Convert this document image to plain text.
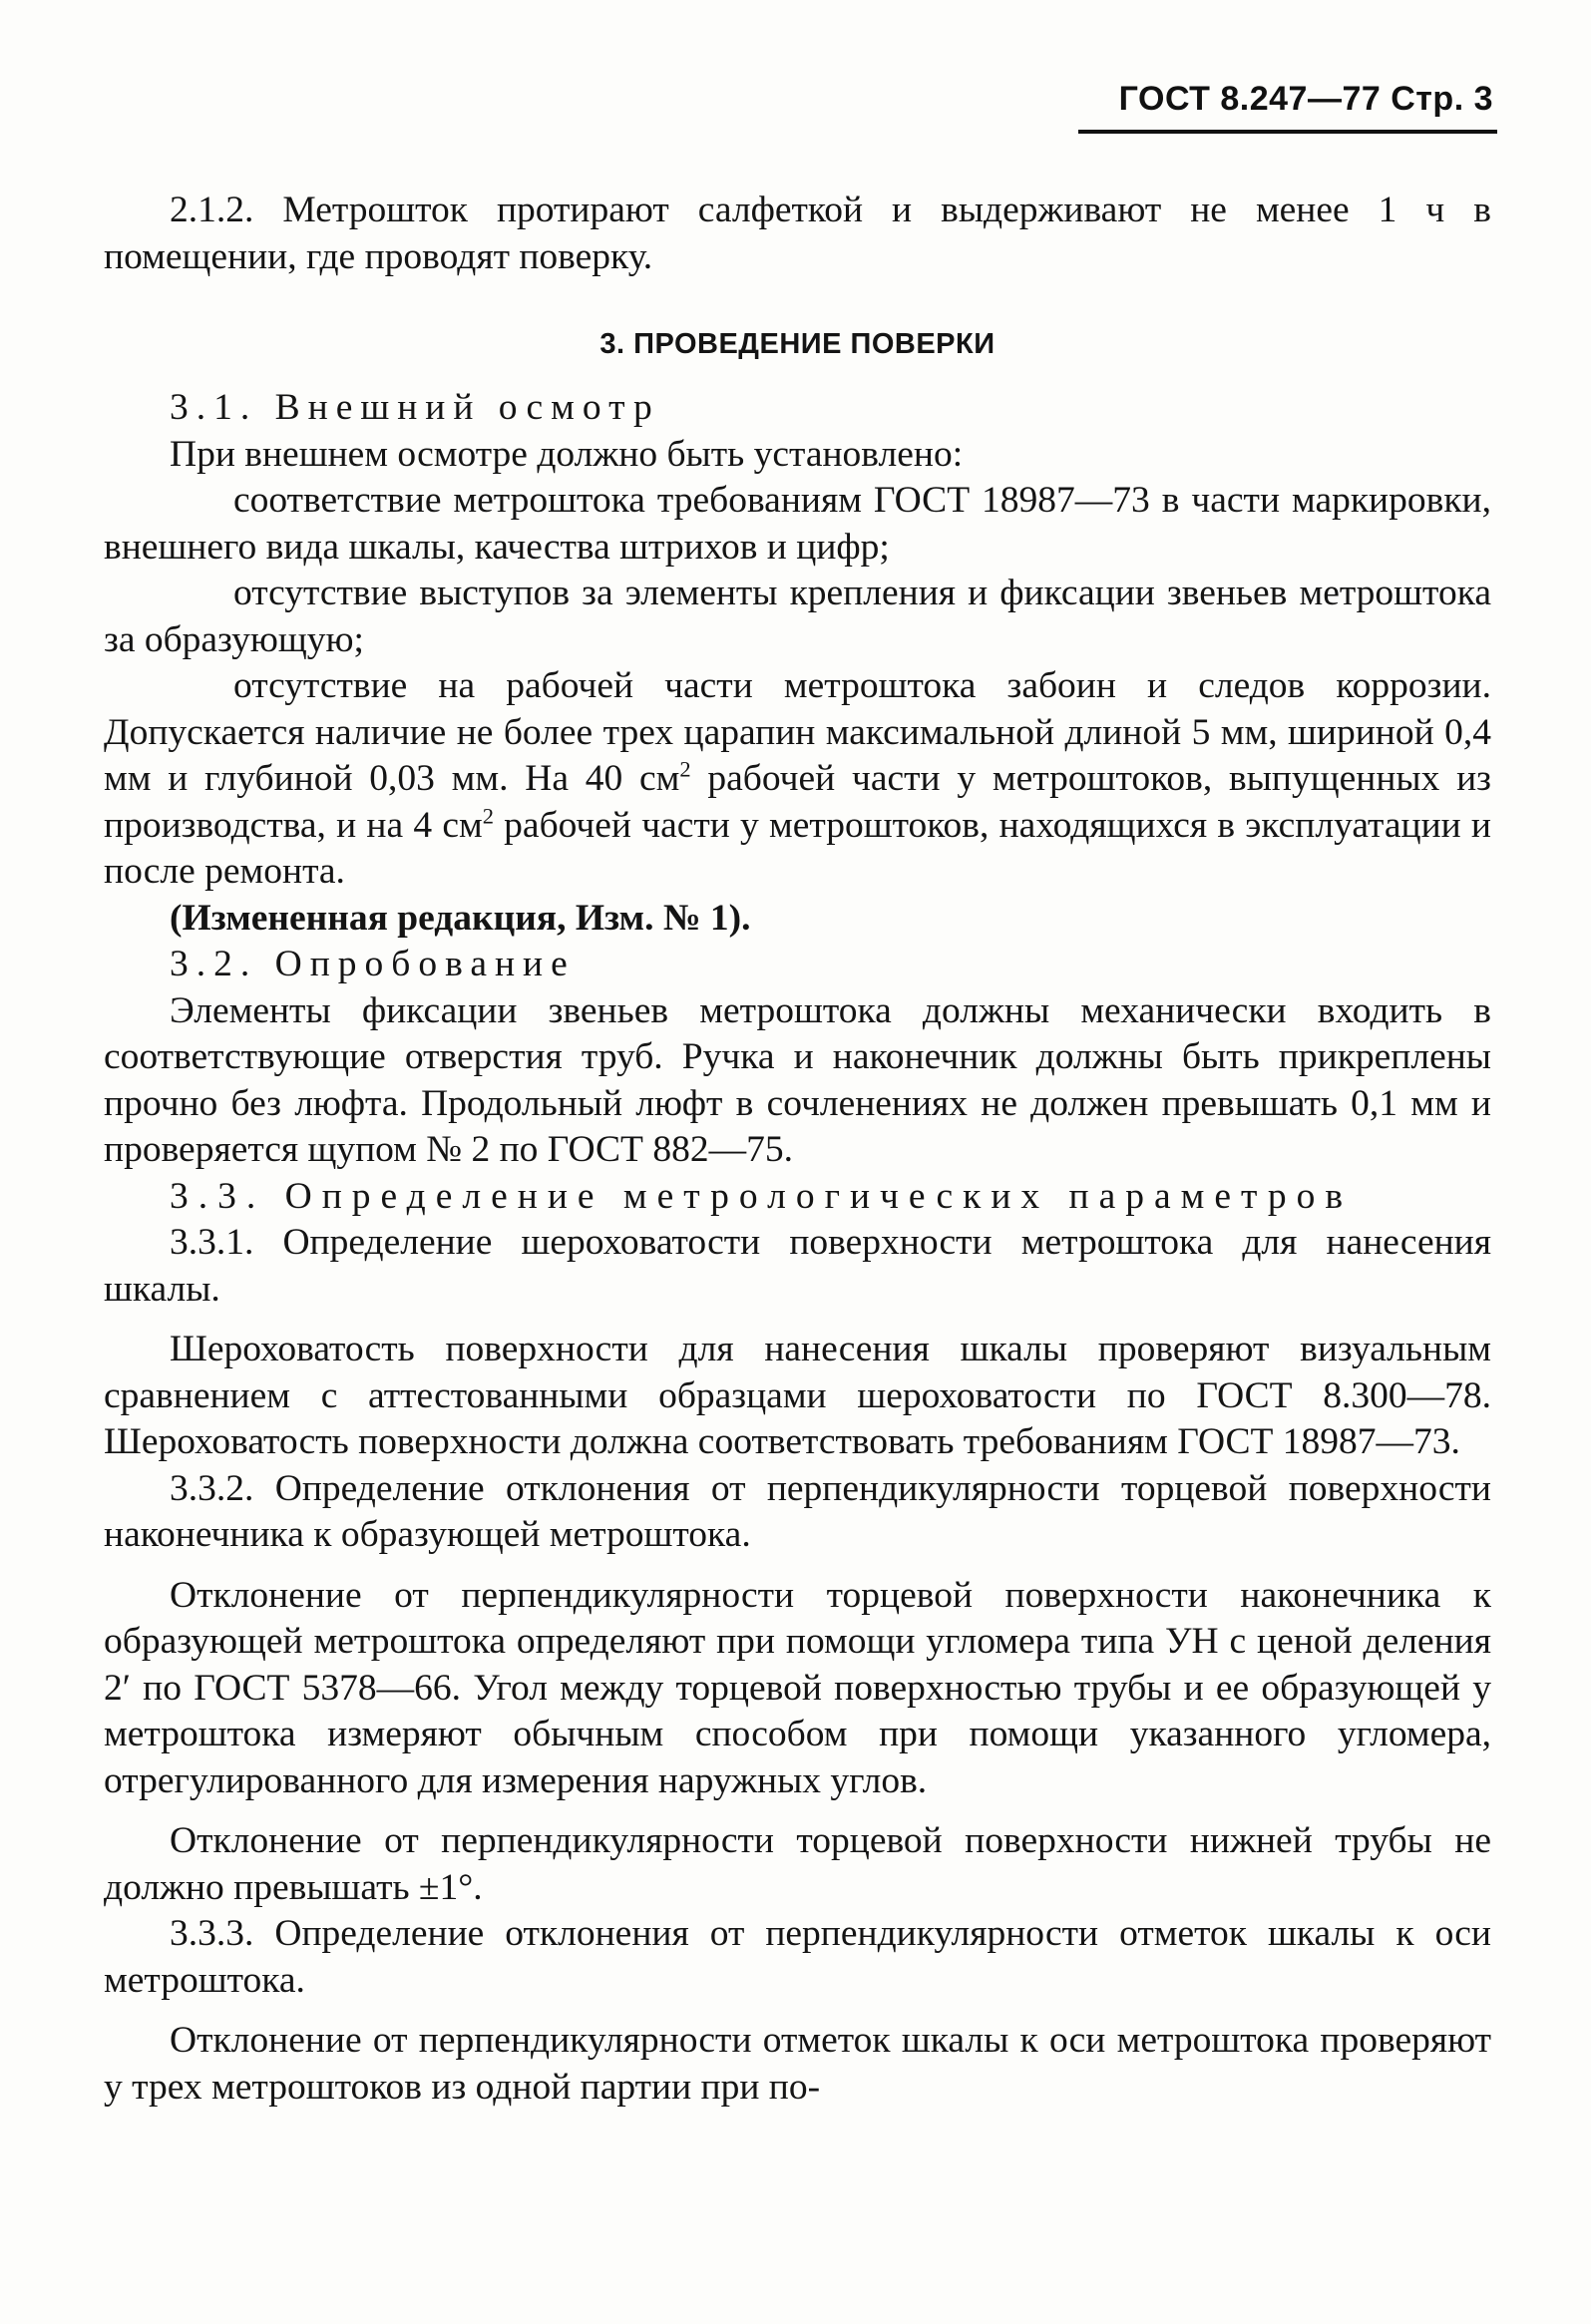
ГОСТ 8.247—77 Стр. 3

2.1.2. Метрошток протирают салфеткой и выдерживают не менее 1 ч в помещении, где проводят поверку.

3. ПРОВЕДЕНИЕ ПОВЕРКИ

3.1. Внешний осмотр

При внешнем осмотре должно быть установлено:

соответствие метроштока требованиям ГОСТ 18987—73 в части маркировки, внешнего вида шкалы, качества штрихов и цифр;

отсутствие выступов за элементы крепления и фиксации звеньев метроштока за образующую;

отсутствие на рабочей части метроштока забоин и следов коррозии. Допускается наличие не более трех царапин максимальной длиной 5 мм, шириной 0,4 мм и глубиной 0,03 мм. На 40 $см^2$ рабочей части у метроштоков, выпущенных из производства, и на 4 $см^2$ рабочей части у метроштоков, находящихся в эксплуатации и после ремонта.

(Измененная редакция, Изм. № 1).

3.2. Опробование

Элементы фиксации звеньев метроштока должны механически входить в соответствующие отверстия труб. Ручка и наконечник должны быть прикреплены прочно без люфта. Продольный люфт в сочленениях не должен превышать 0,1 мм и проверяется щупом № 2 по ГОСТ 882—75.

3.3. Определение метрологических параметров

3.3.1. Определение шероховатости поверхности метроштока для нанесения шкалы.

Шероховатость поверхности для нанесения шкалы проверяют визуальным сравнением с аттестованными образцами шероховатости по ГОСТ 8.300—78. Шероховатость поверхности должна соответствовать требованиям ГОСТ 18987—73.

3.3.2. Определение отклонения от перпендикулярности торцевой поверхности наконечника к образующей метроштока.

Отклонение от перпендикулярности торцевой поверхности наконечника к образующей метроштока определяют при помощи угломера типа УН с ценой деления 2′ по ГОСТ 5378—66. Угол между торцевой поверхностью трубы и ее образующей у метроштока измеряют обычным способом при помощи указанного угломера, отрегулированного для измерения наружных углов.

Отклонение от перпендикулярности торцевой поверхности нижней трубы не должно превышать ±1°.

3.3.3. Определение отклонения от перпендикулярности отметок шкалы к оси метроштока.

Отклонение от перпендикулярности отметок шкалы к оси метроштока проверяют у трех метроштоков из одной партии при по-
